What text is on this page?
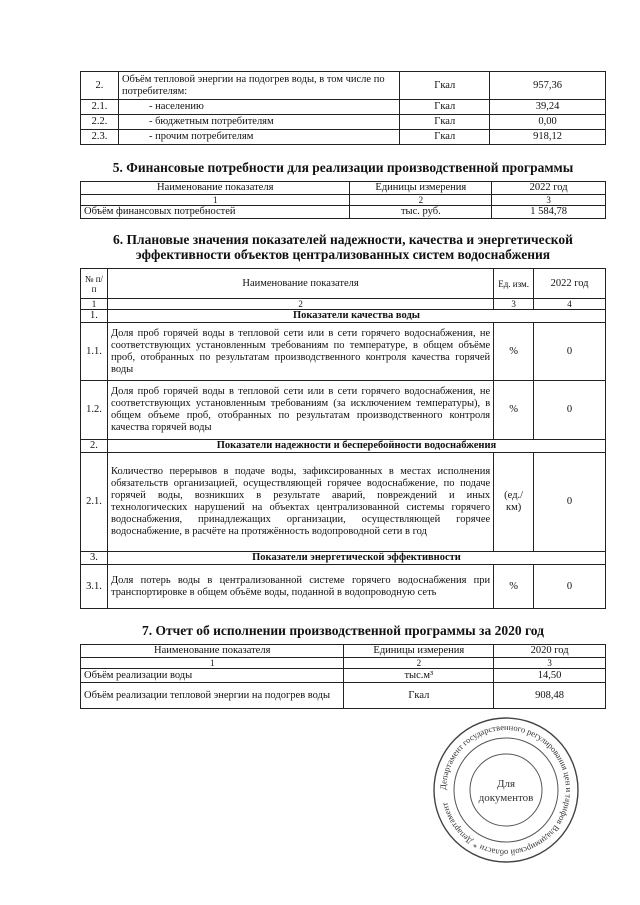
2.	Объём тепловой энергии на подогрев воды, в том числе по потребителям:	Гкал	957,36
2.1.	- населению	Гкал	39,24
2.2.	- бюджетным потребителям	Гкал	0,00
2.3.	- прочим потребителям	Гкал	918,12
5. Финансовые потребности для реализации производственной программы
Наименование показателя	Единицы измерения	2022 год
1	2	3
Объём финансовых потребностей	тыс. руб.	1 584,78
6. Плановые значения показателей надежности, качества и энергетической
эффективности объектов централизованных систем водоснабжения
№ п/п	Наименование показателя	Ед. изм.	2022 год
1	2	3	4
1.	Показатели качества воды		
1.1.	Доля проб горячей воды в тепловой сети или в сети горячего водоснабжения, не соответствующих установленным требованиям по температуре, в общем объёме проб, отобранных по результатам производственного контроля качества горячей воды	%	0
1.2.	Доля проб горячей воды в тепловой сети или в сети горячего водоснабжения, не соответствующих установленным требованиям (за исключением температуры), в общем объеме проб, отобранных по результатам производственного контроля качества горячей воды	%	0
2.	Показатели надежности и бесперебойности водоснабжения		
2.1.	Количество перерывов в подаче воды, зафиксированных в местах исполнения обязательств организацией, осуществляющей горячее водоснабжение, по подаче горячей воды, возникших в результате аварий, повреждений и иных технологических нарушений на объектах централизованной системы горячего водоснабжения, принадлежащих организации, осуществляющей горячее водоснабжение, в расчёте на протяжённость водопроводной сети в год	(ед./км)	0
3.	Показатели энергетической эффективности		
3.1.	Доля потерь воды в централизованной системе горячего водоснабжения при транспортировке в общем объёме воды, поданной в водопроводную сеть	%	0
7. Отчет об исполнении производственной программы за 2020 год
Наименование показателя	Единицы измерения	2020 год
1	2	3
Объём реализации воды	тыс.м³	14,50
Объём реализации тепловой энергии на подогрев воды	Гкал	908,48
Департамент государственного регулирования цен и тарифов Владимирской области * Департамент
Для
документов
